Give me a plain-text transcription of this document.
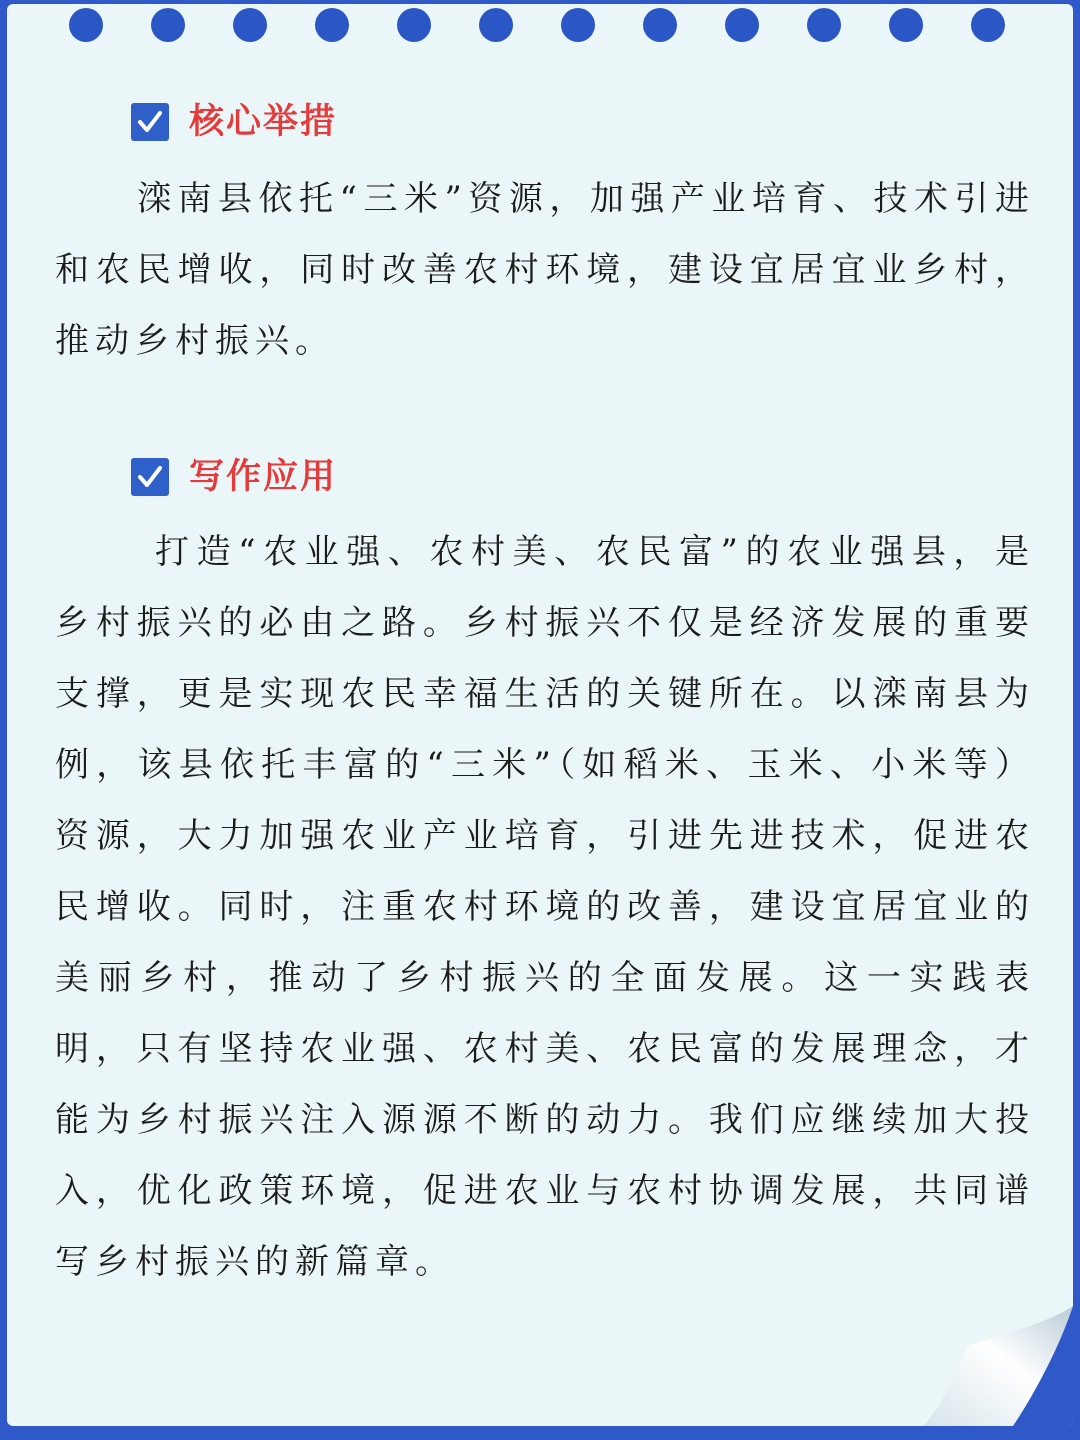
核心举措

滦南县依托“三米”资源，加强产业培育、技术引进和农民增收，同时改善农村环境，建设宜居宜业乡村，推动乡村振兴。

写作应用

打造“农业强、农村美、农民富”的农业强县，是乡村振兴的必由之路。乡村振兴不仅是经济发展的重要支撑，更是实现农民幸福生活的关键所在。以滦南县为例，该县依托丰富的“三米”（如稻米、玉米、小米等）资源，大力加强农业产业培育，引进先进技术，促进农民增收。同时，注重农村环境的改善，建设宜居宜业的美丽乡村，推动了乡村振兴的全面发展。这一实践表明，只有坚持农业强、农村美、农民富的发展理念，才能为乡村振兴注入源源不断的动力。我们应继续加大投入，优化政策环境，促进农业与农村协调发展，共同谱写乡村振兴的新篇章。
